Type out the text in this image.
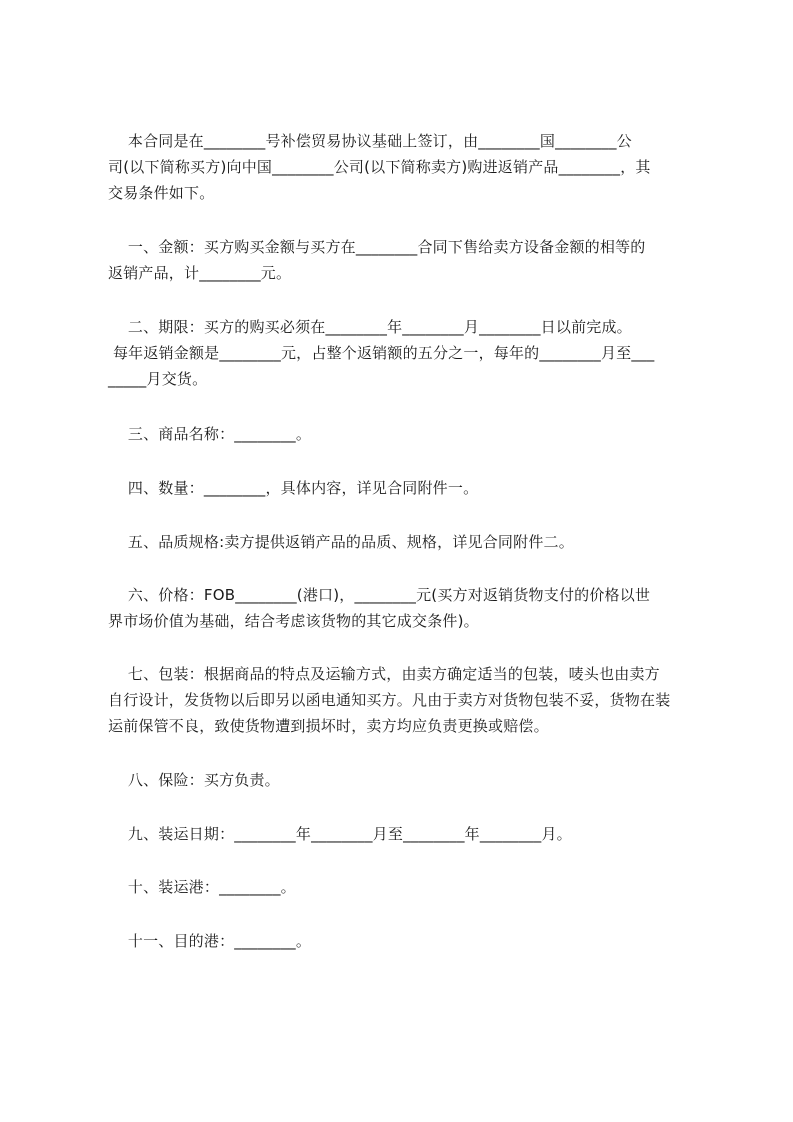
本合同是在________号补偿贸易协议基础上签订，由________国________公
司(以下简称买方)向中国________公司(以下简称卖方)购进返销产品________，其
交易条件如下。
一、金额：买方购买金额与买方在________合同下售给卖方设备金额的相等的
返销产品，计________元。
二、期限：买方的购买必须在________年________月________日以前完成。
每年返销金额是________元，占整个返销额的五分之一，每年的________月至___
_____月交货。
三、商品名称：________。
四、数量：________，具体内容，详见合同附件一。
五、品质规格:卖方提供返销产品的品质、规格，详见合同附件二。
六、价格：FOB________(港口)，________元(买方对返销货物支付的价格以世
界市场价值为基础，结合考虑该货物的其它成交条件)。
七、包装：根据商品的特点及运输方式，由卖方确定适当的包装，唛头也由卖方
自行设计，发货物以后即另以函电通知买方。凡由于卖方对货物包装不妥，货物在装
运前保管不良，致使货物遭到损坏时，卖方均应负责更换或赔偿。
八、保险：买方负责。
九、装运日期：________年________月至________年________月。
十、装运港：________。
十一、目的港：________。
